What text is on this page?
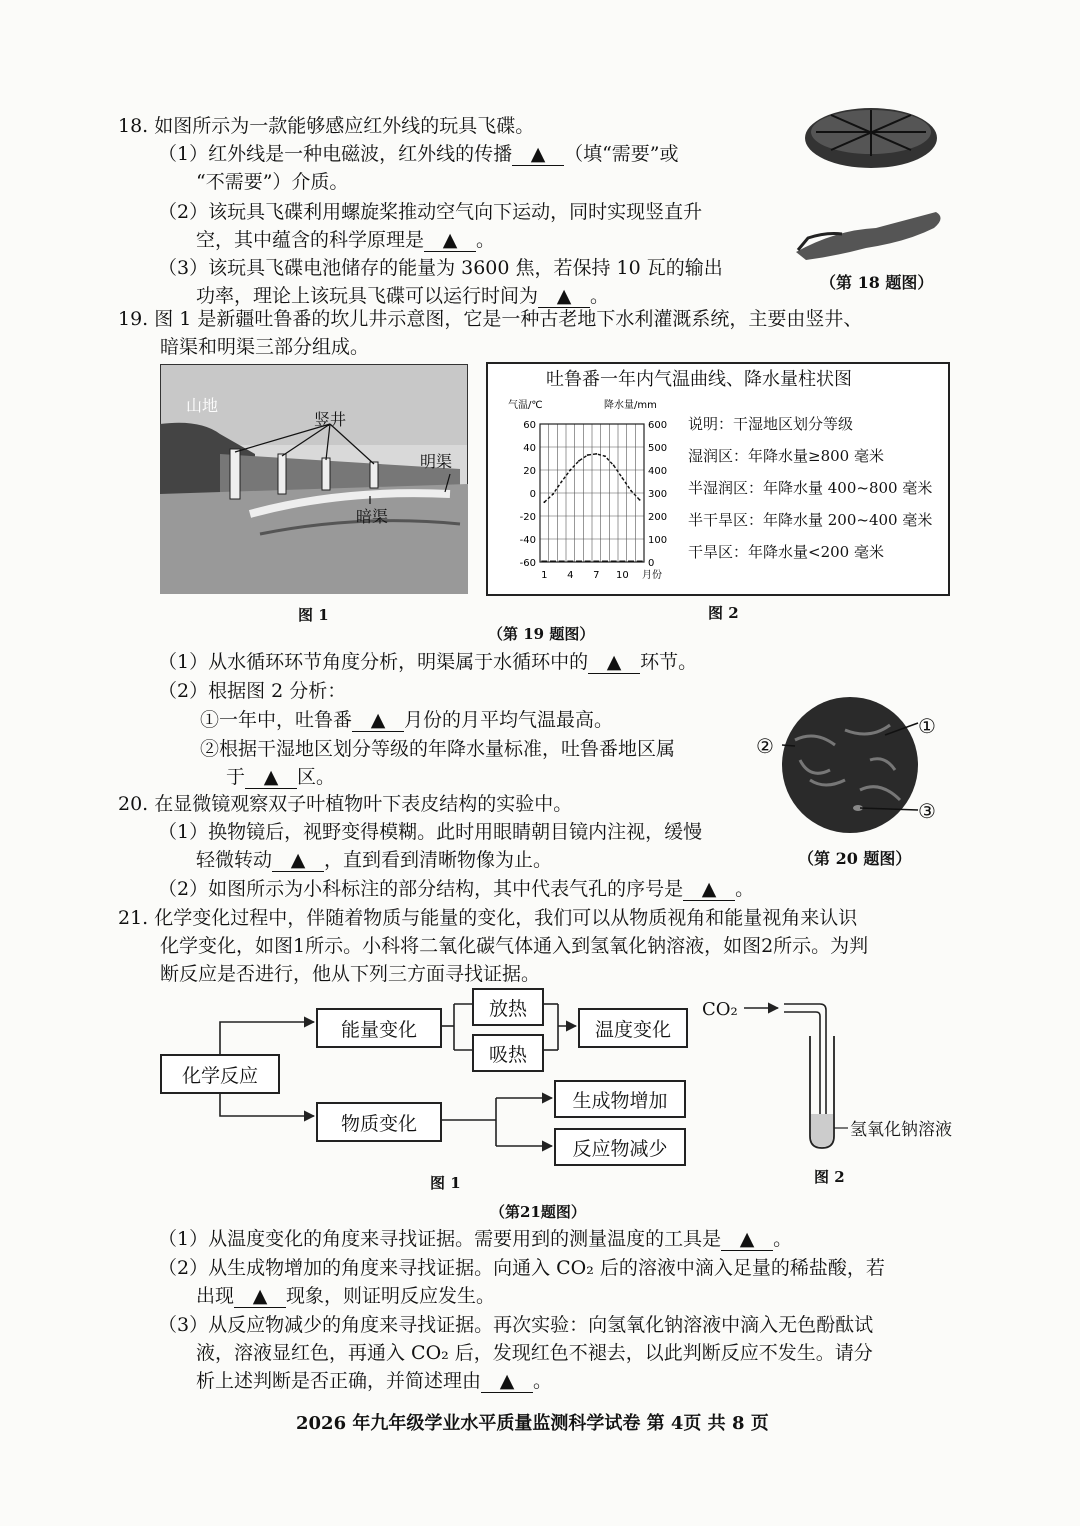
18. 如图所示为一款能够感应红外线的玩具飞碟。
（1）红外线是一种电磁波，红外线的传播 ▲ （填“需要”或
“不需要”）介质。
（2）该玩具飞碟利用螺旋桨推动空气向下运动，同时实现竖直升
空，其中蕴含的科学原理是 ▲ 。
（3）该玩具飞碟电池储存的能量为 3600 焦，若保持 10 瓦的输出
功率，理论上该玩具飞碟可以运行时间为 ▲ 。
（第 18 题图）
19. 图 1 是新疆吐鲁番的坎儿井示意图，它是一种古老地下水利灌溉系统，主要由竖井、
暗渠和明渠三部分组成。
山地
竖井
明渠
暗渠
图 1
吐鲁番一年内气温曲线、降水量柱状图
60
40
20
0
-20
-40
-60
600
500
400
300
200
100
0
气温/℃	降水量/mm
月份
1 4 7 10
说明：干湿地区划分等级
湿润区：年降水量≥800 毫米
半湿润区：年降水量 400~800 毫米
半干旱区：年降水量 200~400 毫米
干旱区：年降水量<200 毫米
图 2
（第 19 题图）
（1）从水循环环节角度分析，明渠属于水循环中的 ▲ 环节。
（2）根据图 2 分析：
①一年中，吐鲁番 ▲ 月份的月平均气温最高。
②根据干湿地区划分等级的年降水量标准，吐鲁番地区属
于 ▲ 区。
①
②
③
（第 20 题图）
20. 在显微镜观察双子叶植物叶下表皮结构的实验中。
（1）换物镜后，视野变得模糊。此时用眼睛朝目镜内注视，缓慢
轻微转动 ▲ ，直到看到清晰物像为止。
（2）如图所示为小科标注的部分结构，其中代表气孔的序号是 ▲ 。
21. 化学变化过程中，伴随着物质与能量的变化，我们可以从物质视角和能量视角来认识
化学变化，如图1所示。小科将二氧化碳气体通入到氢氧化钠溶液，如图2所示。为判
断反应是否进行，他从下列三方面寻找证据。
化学反应
能量变化
物质变化
放热
吸热
温度变化
生成物增加
反应物减少
图 1
CO₂
氢氧化钠溶液
图 2
（第21题图）
（1）从温度变化的角度来寻找证据。需要用到的测量温度的工具是 ▲ 。
（2）从生成物增加的角度来寻找证据。向通入 CO₂ 后的溶液中滴入足量的稀盐酸，若
出现 ▲ 现象，则证明反应发生。
（3）从反应物减少的角度来寻找证据。再次实验：向氢氧化钠溶液中滴入无色酚酞试
液，溶液显红色，再通入 CO₂ 后，发现红色不褪去，以此判断反应不发生。请分
析上述判断是否正确，并简述理由 ▲ 。
2026 年九年级学业水平质量监测科学试卷 第 4页 共 8 页
